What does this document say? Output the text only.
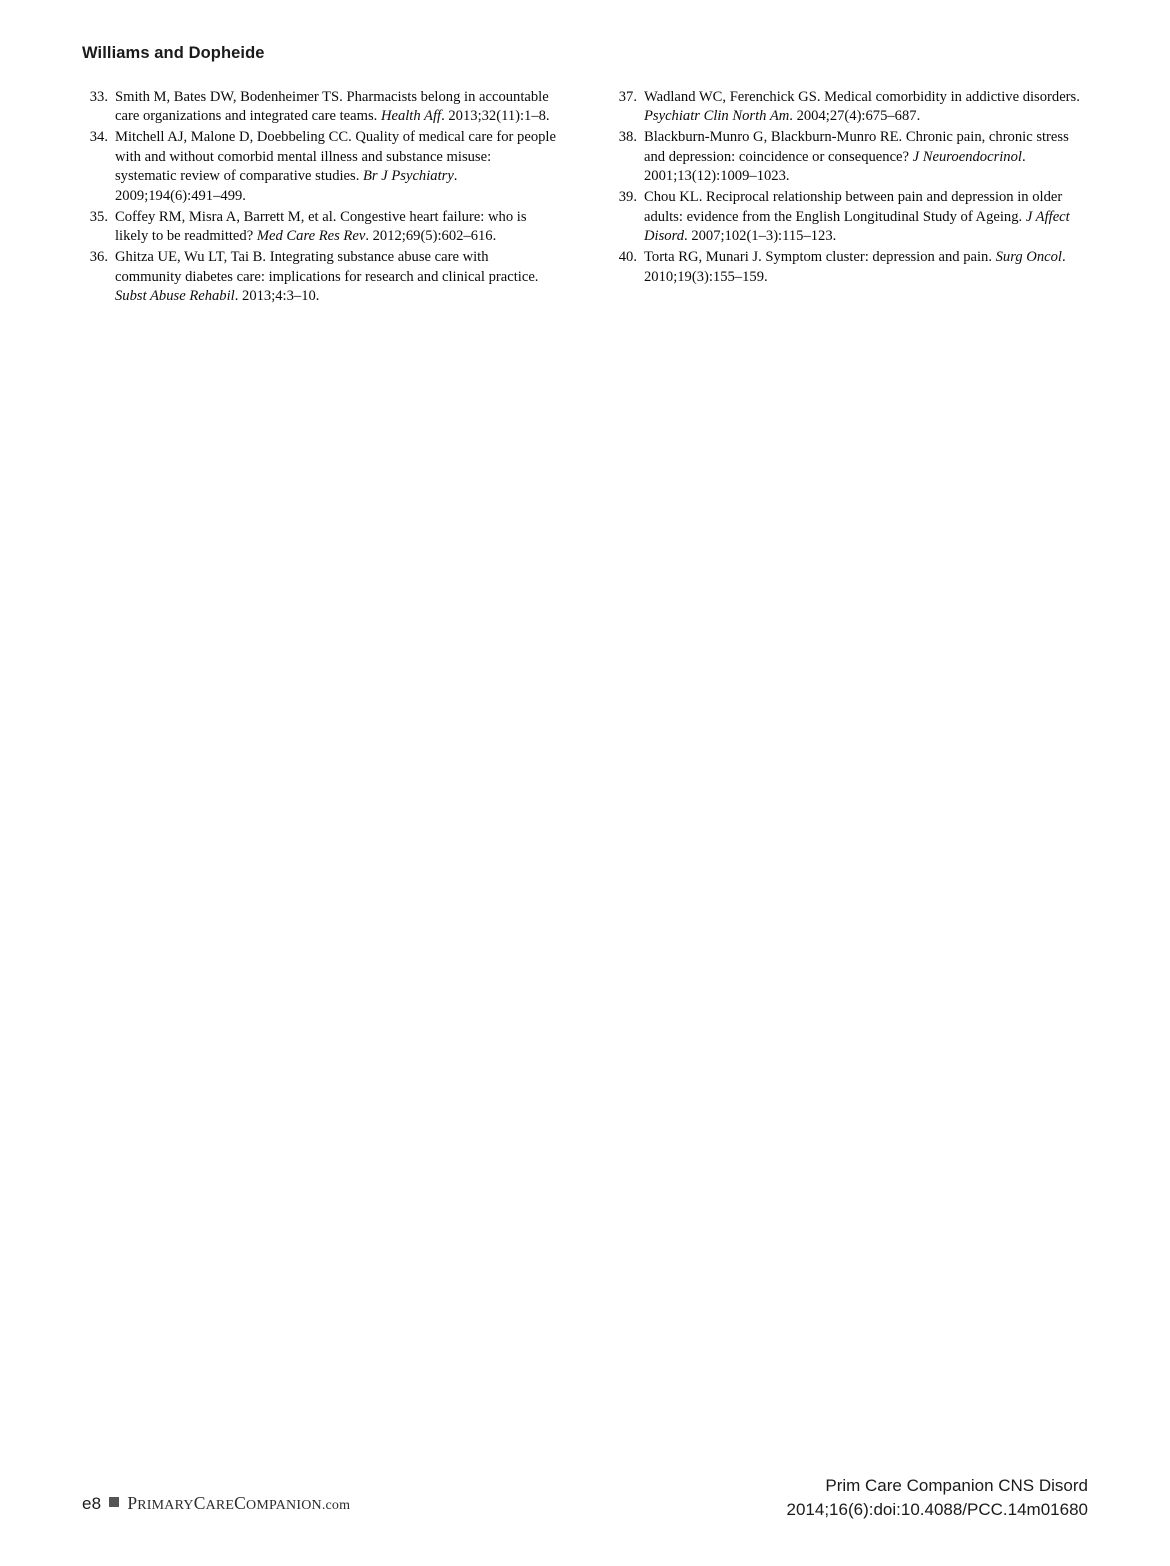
Williams and Dopheide
33. Smith M, Bates DW, Bodenheimer TS. Pharmacists belong in accountable care organizations and integrated care teams. Health Aff. 2013;32(11):1–8.
34. Mitchell AJ, Malone D, Doebbeling CC. Quality of medical care for people with and without comorbid mental illness and substance misuse: systematic review of comparative studies. Br J Psychiatry. 2009;194(6):491–499.
35. Coffey RM, Misra A, Barrett M, et al. Congestive heart failure: who is likely to be readmitted? Med Care Res Rev. 2012;69(5):602–616.
36. Ghitza UE, Wu LT, Tai B. Integrating substance abuse care with community diabetes care: implications for research and clinical practice. Subst Abuse Rehabil. 2013;4:3–10.
37. Wadland WC, Ferenchick GS. Medical comorbidity in addictive disorders. Psychiatr Clin North Am. 2004;27(4):675–687.
38. Blackburn-Munro G, Blackburn-Munro RE. Chronic pain, chronic stress and depression: coincidence or consequence? J Neuroendocrinol. 2001;13(12):1009–1023.
39. Chou KL. Reciprocal relationship between pain and depression in older adults: evidence from the English Longitudinal Study of Ageing. J Affect Disord. 2007;102(1–3):115–123.
40. Torta RG, Munari J. Symptom cluster: depression and pain. Surg Oncol. 2010;19(3):155–159.
e8 PRIMARYCARECOMPANION.com
Prim Care Companion CNS Disord
2014;16(6):doi:10.4088/PCC.14m01680
